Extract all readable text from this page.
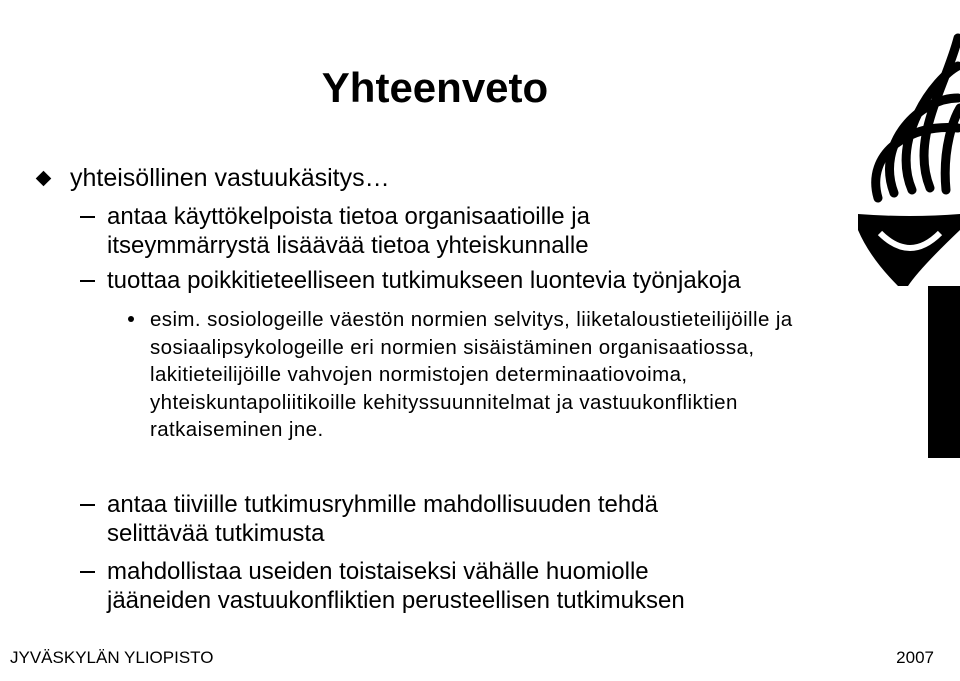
Yhteenveto
yhteisöllinen vastuukäsitys…
antaa käyttökelpoista tietoa organisaatioille ja itseymmärrystä lisäävää tietoa yhteiskunnalle
tuottaa poikkitieteelliseen tutkimukseen luontevia työnjakoja
esim. sosiologeille väestön normien selvitys, liiketaloustieteilijöille ja sosiaalipsykologeille eri normien sisäistäminen organisaatiossa, lakitieteilijöille vahvojen normistojen determinaatiovoima, yhteiskuntapoliitikoille kehityssuunnitelmat ja vastuukonfliktien ratkaiseminen jne.
antaa tiiviille tutkimusryhmille mahdollisuuden tehdä selittävää tutkimusta
mahdollistaa useiden toistaiseksi vähälle huomiolle jääneiden vastuukonfliktien perusteellisen tutkimuksen
JYVÄSKYLÄN YLIOPISTO	2007
